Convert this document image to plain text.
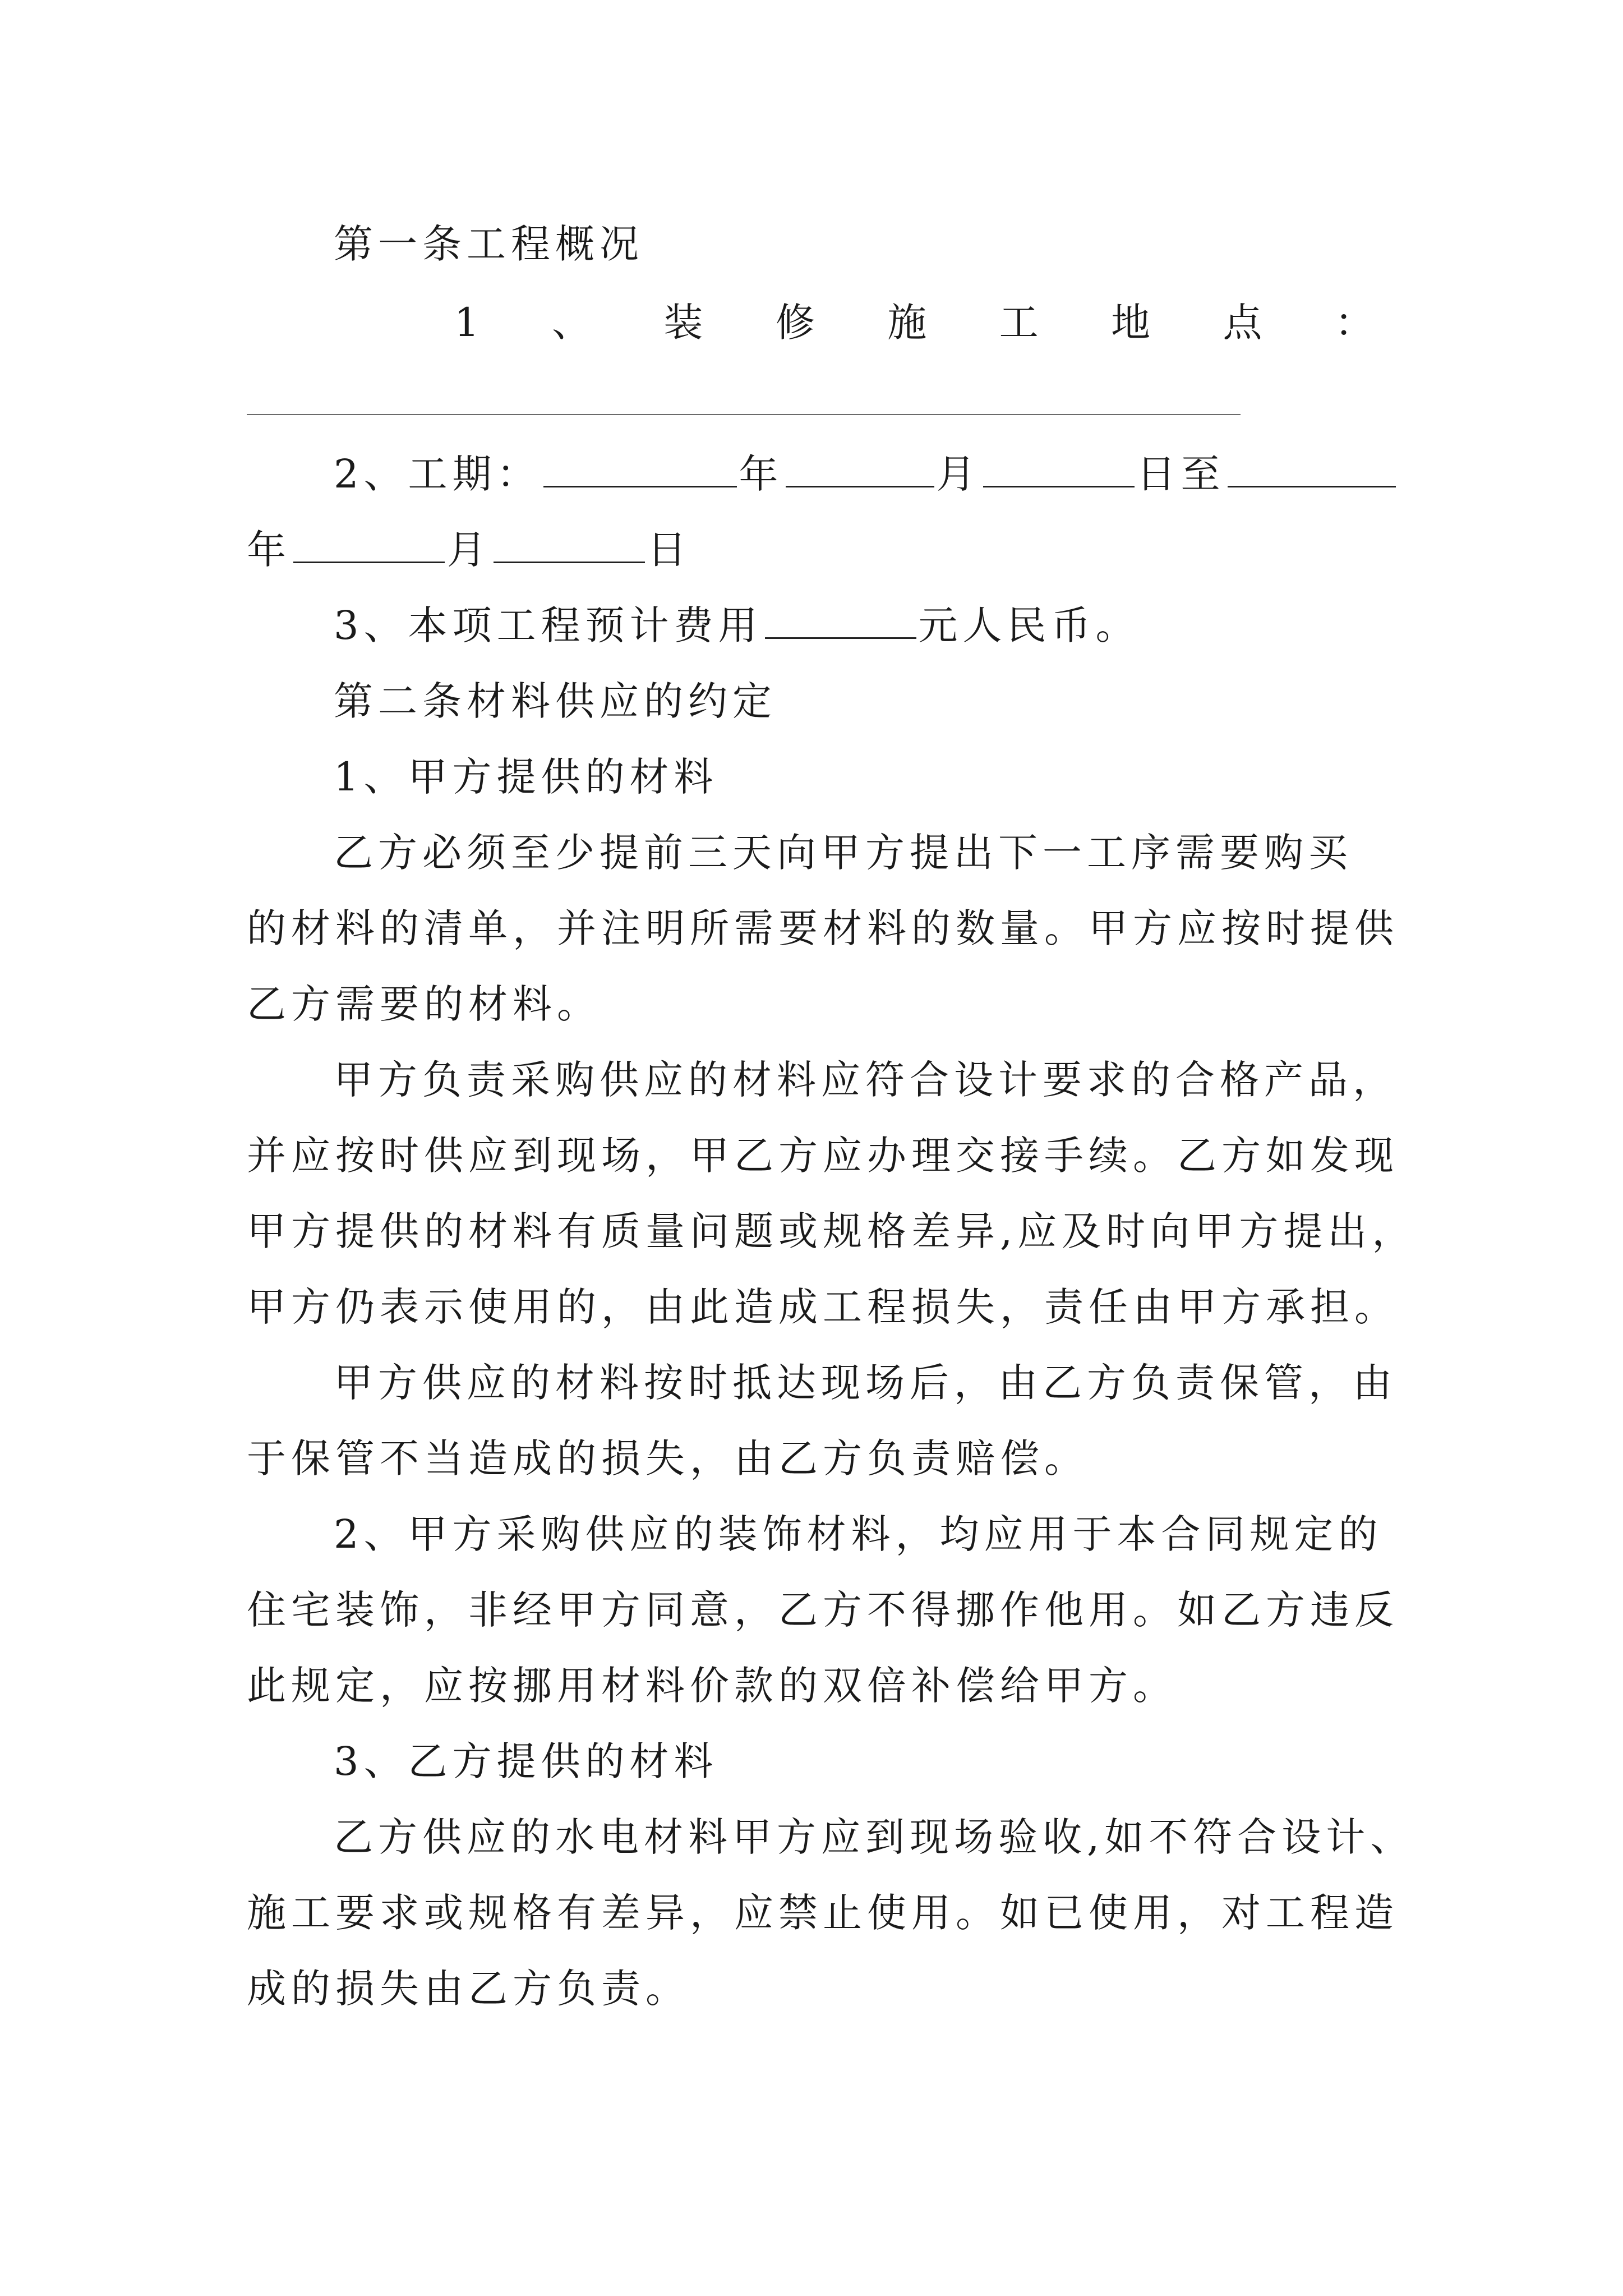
第一条工程概况
1 、 装 修 施 工 地 点 ：
2、工期：	年	月	日至
年	月	日
3、本项工程预计费用	元人民币。
第二条材料供应的约定
1、甲方提供的材料
乙方必须至少提前三天向甲方提出下一工序需要购买
的材料的清单，并注明所需要材料的数量。甲方应按时提供
乙方需要的材料。
甲方负责采购供应的材料应符合设计要求的合格产品，
并应按时供应到现场，甲乙方应办理交接手续。乙方如发现
甲方提供的材料有质量问题或规格差异,应及时向甲方提出，
甲方仍表示使用的，由此造成工程损失，责任由甲方承担。
甲方供应的材料按时抵达现场后，由乙方负责保管，由
于保管不当造成的损失，由乙方负责赔偿。
2、甲方采购供应的装饰材料，均应用于本合同规定的
住宅装饰，非经甲方同意，乙方不得挪作他用。如乙方违反
此规定，应按挪用材料价款的双倍补偿给甲方。
3、乙方提供的材料
乙方供应的水电材料甲方应到现场验收,如不符合设计、
施工要求或规格有差异，应禁止使用。如已使用，对工程造
成的损失由乙方负责。
